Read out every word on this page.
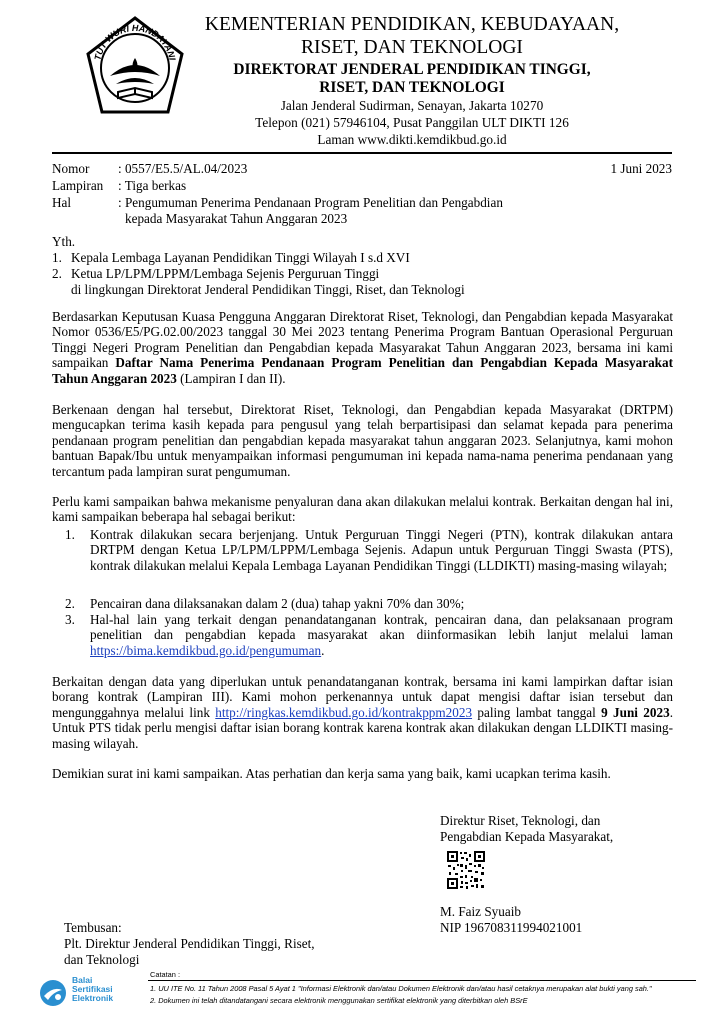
TUT WURI HANDAYANI
KEMENTERIAN PENDIDIKAN, KEBUDAYAAN,
RISET, DAN TEKNOLOGI
DIREKTORAT JENDERAL PENDIDIKAN TINGGI,
RISET, DAN TEKNOLOGI
Jalan Jenderal Sudirman, Senayan, Jakarta 10270
Telepon (021) 57946104, Pusat Panggilan ULT DIKTI 126
Laman www.dikti.kemdikbud.go.id
Nomor : 0557/E5.5/AL.04/2023	1 Juni 2023
Lampiran : Tiga berkas
Hal	: Pengumuman Penerima Pendanaan Program Penelitian dan Pengabdian
kepada Masyarakat Tahun Anggaran 2023
Yth.
1. Kepala Lembaga Layanan Pendidikan Tinggi Wilayah I s.d XVI
2. Ketua LP/LPM/LPPM/Lembaga Sejenis Perguruan Tinggi
di lingkungan Direktorat Jenderal Pendidikan Tinggi, Riset, dan Teknologi
Berdasarkan Keputusan Kuasa Pengguna Anggaran Direktorat Riset, Teknologi, dan Pengabdian kepada Masyarakat Nomor 0536/E5/PG.02.00/2023 tanggal 30 Mei 2023 tentang Penerima Program Bantuan Operasional Perguruan Tinggi Negeri Program Penelitian dan Pengabdian kepada Masyarakat Tahun Anggaran 2023, bersama ini kami sampaikan Daftar Nama Penerima Pendanaan Program Penelitian dan Pengabdian Kepada Masyarakat Tahun Anggaran 2023 (Lampiran I dan II).
Berkenaan dengan hal tersebut, Direktorat Riset, Teknologi, dan Pengabdian kepada Masyarakat (DRTPM) mengucapkan terima kasih kepada para pengusul yang telah berpartisipasi dan selamat kepada para penerima pendanaan program penelitian dan pengabdian kepada masyarakat tahun anggaran 2023. Selanjutnya, kami mohon bantuan Bapak/Ibu untuk menyampaikan informasi pengumuman ini kepada nama-nama penerima pendanaan yang tercantum pada lampiran surat pengumuman.
Perlu kami sampaikan bahwa mekanisme penyaluran dana akan dilakukan melalui kontrak. Berkaitan dengan hal ini, kami sampaikan beberapa hal sebagai berikut:
1. Kontrak dilakukan secara berjenjang. Untuk Perguruan Tinggi Negeri (PTN), kontrak dilakukan antara DRTPM dengan Ketua LP/LPM/LPPM/Lembaga Sejenis. Adapun untuk Perguruan Tinggi Swasta (PTS), kontrak dilakukan melalui Kepala Lembaga Layanan Pendidikan Tinggi (LLDIKTI) masing-masing wilayah;
2. Pencairan dana dilaksanakan dalam 2 (dua) tahap yakni 70% dan 30%;
3. Hal-hal lain yang terkait dengan penandatanganan kontrak, pencairan dana, dan pelaksanaan program penelitian dan pengabdian kepada masyarakat akan diinformasikan lebih lanjut melalui laman https://bima.kemdikbud.go.id/pengumuman.
Berkaitan dengan data yang diperlukan untuk penandatanganan kontrak, bersama ini kami lampirkan daftar isian borang kontrak (Lampiran III). Kami mohon perkenannya untuk dapat mengisi daftar isian tersebut dan mengunggahnya melalui link http://ringkas.kemdikbud.go.id/kontrakppm2023 paling lambat tanggal 9 Juni 2023. Untuk PTS tidak perlu mengisi daftar isian borang kontrak karena kontrak akan dilakukan dengan LLDIKTI masing-masing wilayah.
Demikian surat ini kami sampaikan. Atas perhatian dan kerja sama yang baik, kami ucapkan terima kasih.
Direktur Riset, Teknologi, dan
Pengabdian Kepada Masyarakat,
M. Faiz Syuaib
NIP 196708311994021001
Tembusan:
Plt. Direktur Jenderal Pendidikan Tinggi, Riset,
dan Teknologi
Balai
Sertifikasi
Elektronik
Catatan :
1. UU ITE No. 11 Tahun 2008 Pasal 5 Ayat 1 "Informasi Elektronik dan/atau Dokumen Elektronik dan/atau hasil cetaknya merupakan alat bukti yang sah."
2. Dokumen ini telah ditandatangani secara elektronik menggunakan sertifikat elektronik yang diterbitkan oleh BSrE
